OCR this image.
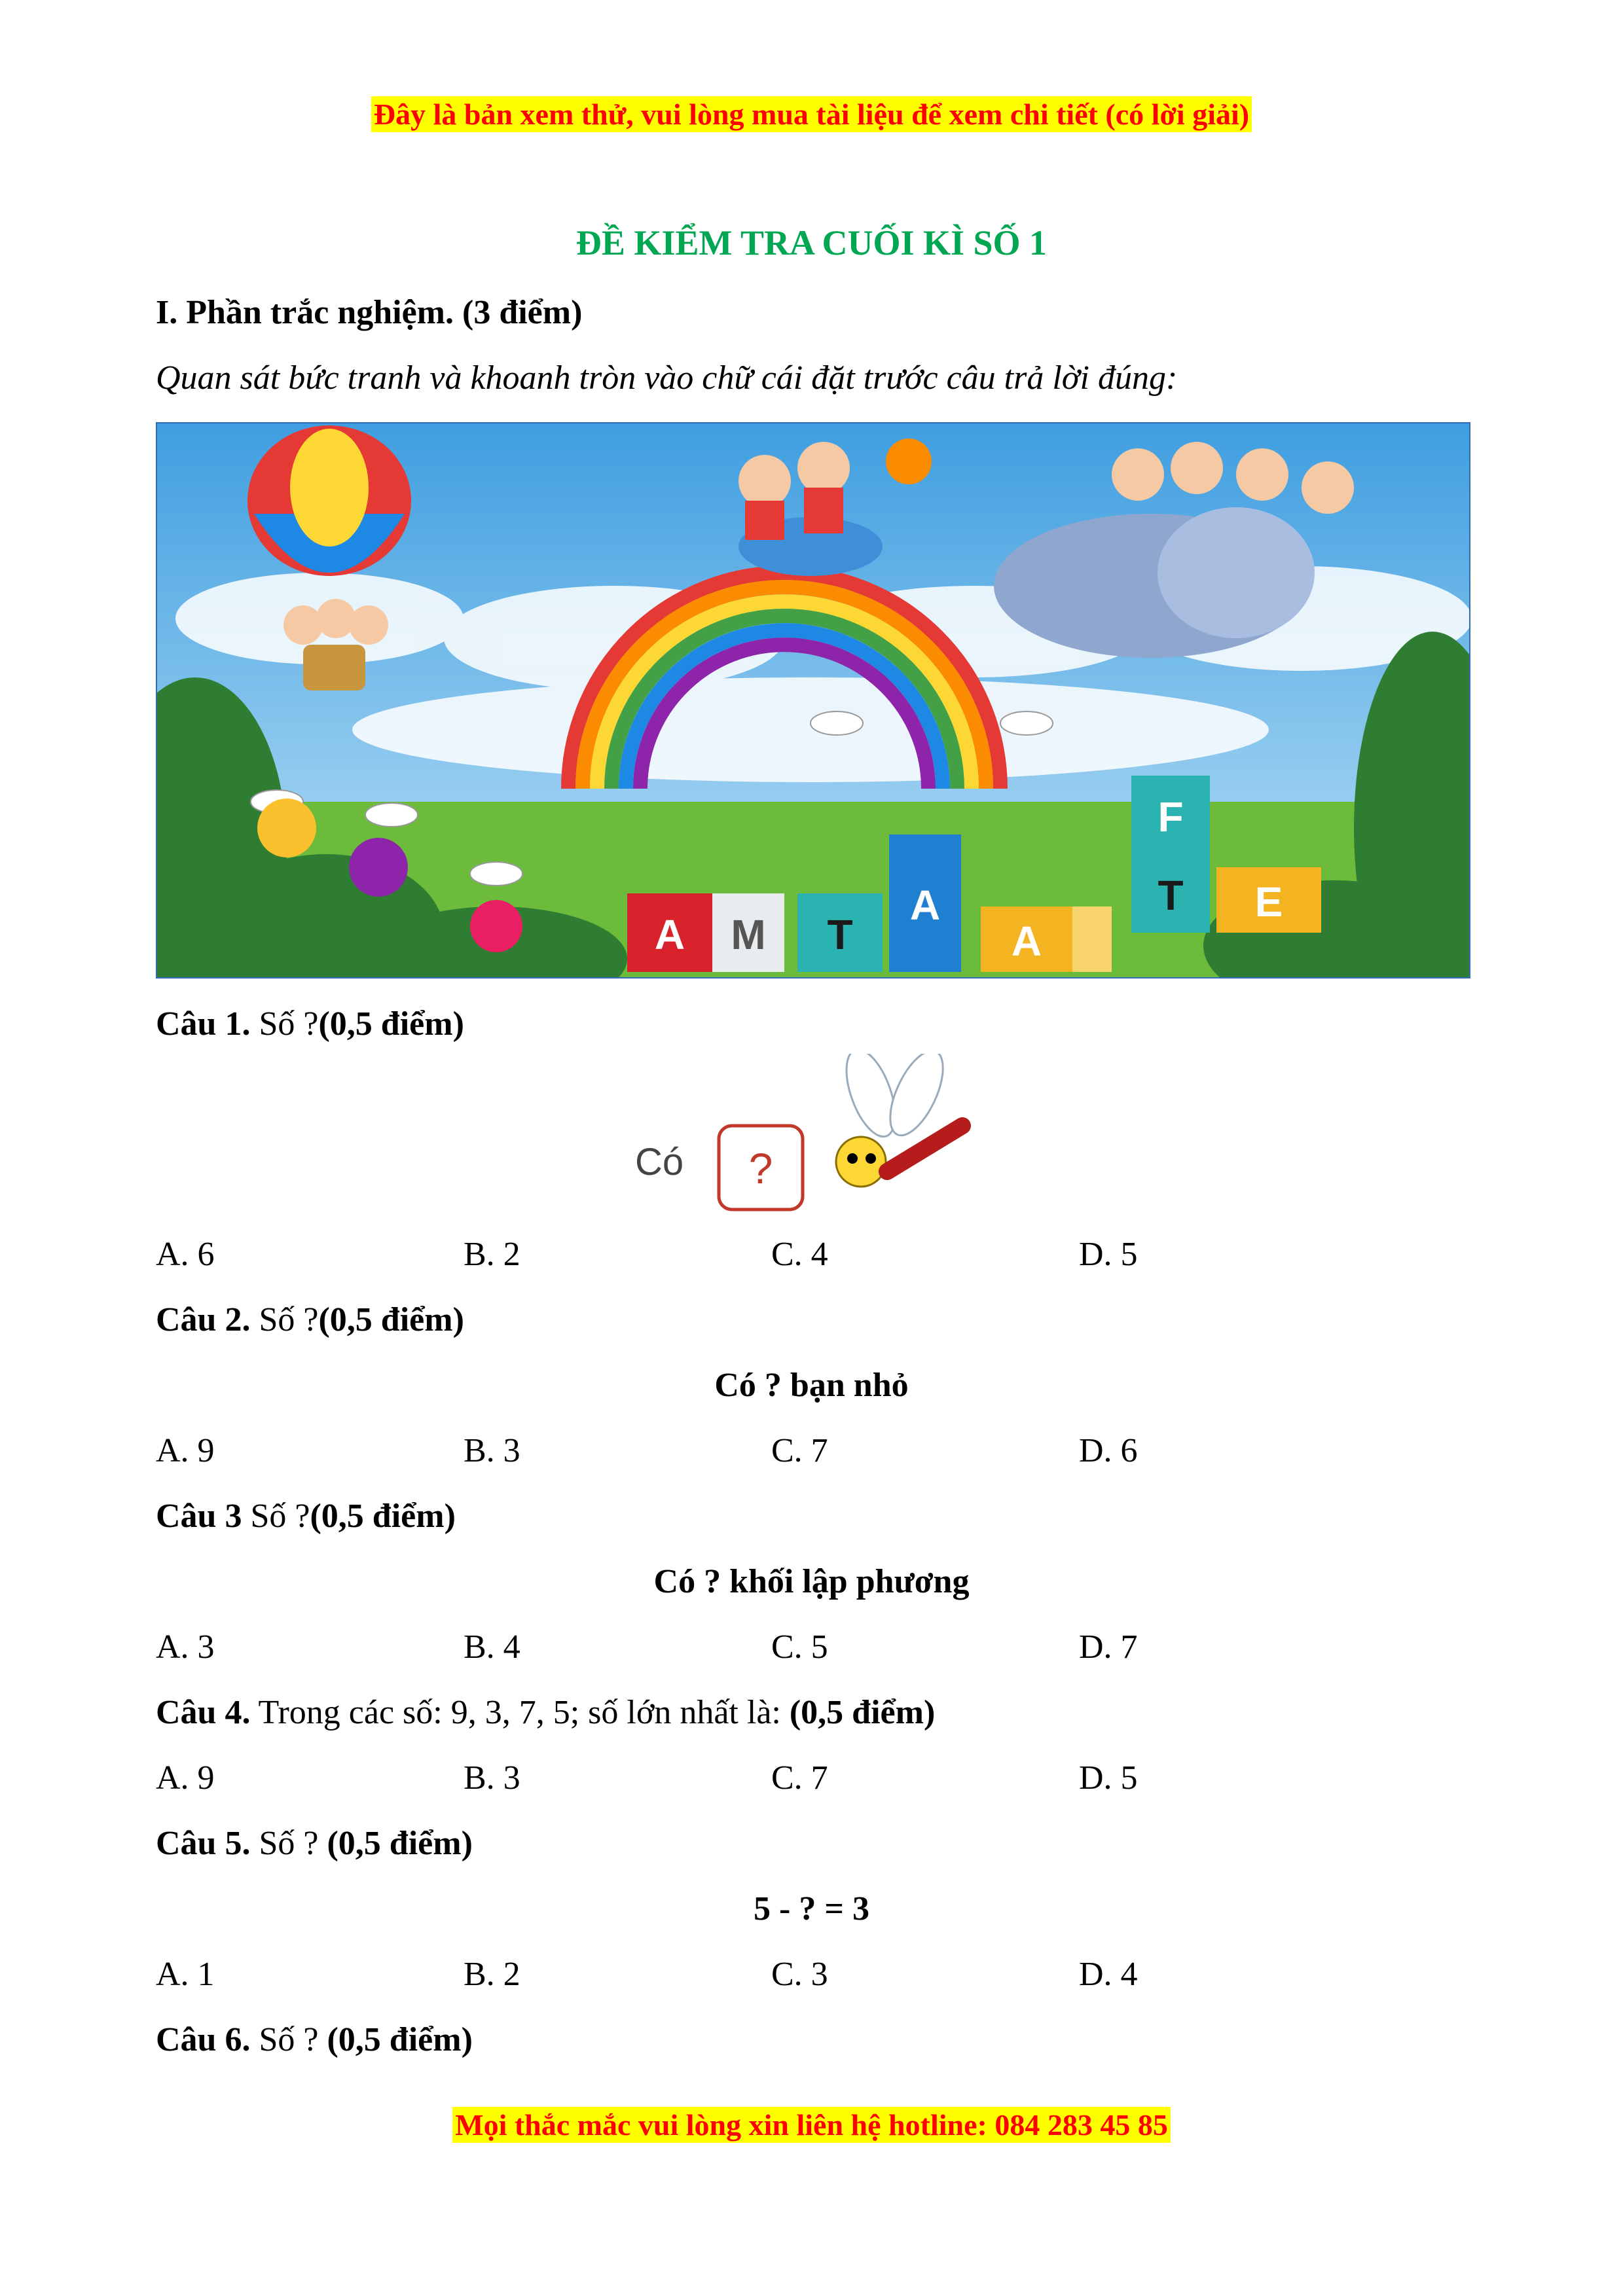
Đây là bản xem thử, vui lòng mua tài liệu để xem chi tiết (có lời giải)
ĐỀ KIỂM TRA CUỐI KÌ SỐ 1
I. Phần trắc nghiệm. (3 điểm)
Quan sát bức tranh và khoanh tròn vào chữ cái đặt trước câu trả lời đúng:
A M T
A
A
F
T E
Câu 1. Số ?(0,5 điểm)
Có ?
A. 6	B. 2	C. 4	D. 5
Câu 2. Số ?(0,5 điểm)
Có ? bạn nhỏ
A. 9	B. 3	C. 7	D. 6
Câu 3 Số ?(0,5 điểm)
Có ? khối lập phương
A. 3	B. 4	C. 5	D. 7
Câu 4. Trong các số: 9, 3, 7, 5; số lớn nhất là: (0,5 điểm)
A. 9	B. 3	C. 7	D. 5
Câu 5. Số ? (0,5 điểm)
5 - ? = 3
A. 1	B. 2	C. 3	D. 4
Câu 6. Số ? (0,5 điểm)
Mọi thắc mắc vui lòng xin liên hệ hotline: 084 283 45 85
